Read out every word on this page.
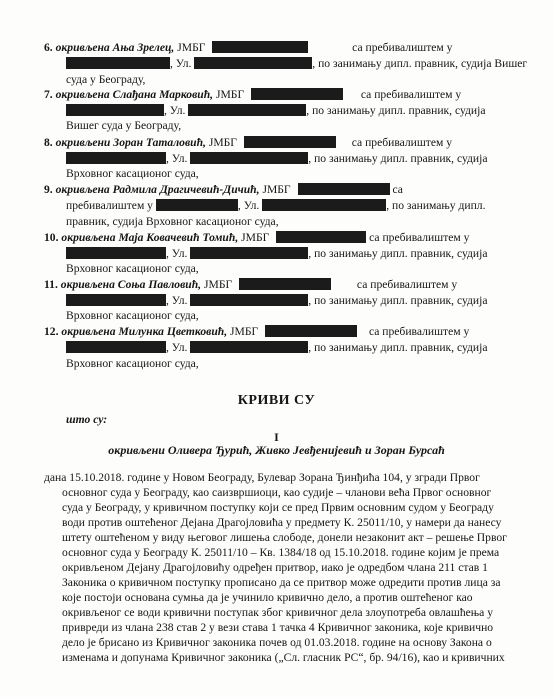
6. окривљена Ања Зрелец, ЈМБГ	са пребивалиштем у
, Ул.	, по занимању дипл. правник, судија Вишег
суда у Београду,
7. окривљена Слађана Марковић, ЈМБГ	са пребивалиштем у
, Ул.	, по занимању дипл. правник, судија
Вишег суда у Београду,
8. окривљени Зоран Таталовић, ЈМБГ	са пребивалиштем у
, Ул.	, по занимању дипл. правник, судија
Врховног касационог суда,
9. окривљена Радмила Драгичевић-Дичић, ЈМБГ	са
пребивалиштем у	, Ул.	, по занимању дипл.
правник, судија Врховног касационог суда,
10. окривљена Маја Ковачевић Томић, ЈМБГ	са пребивалиштем у
, Ул.	, по занимању дипл. правник, судија
Врховног касационог суда,
11. окривљена Соња Павловић, ЈМБГ	са пребивалиштем у
, Ул.	, по занимању дипл. правник, судија
Врховног касационог суда,
12. окривљена Милунка Цветковић, ЈМБГ	са пребивалиштем у
, Ул.	, по занимању дипл. правник, судија
Врховног касационог суда,
КРИВИ СУ
што су:
I
окривљени Оливера Ђурић, Живко Јевђенијевић и Зоран Бурсаћ
дана 15.10.2018. године у Новом Београду, Булевар Зорана Ђинђића 104, у згради Првог
основног суда у Београду, као саизвршиоци, као судије – чланови већа Првог основног
суда у Београду, у кривичном поступку који се пред Првим основним судом у Београду
води против оштећеног Дејана Драгојловића у предмету К. 25011/10, у намери да нанесу
штету оштећеном у виду његовог лишења слободе, донели незаконит акт – решење Првог
основног суда у Београду К. 25011/10 – Кв. 1384/18 од 15.10.2018. године којим је према
окривљеном Дејану Драгојловићу одређен притвор, иако је одредбом члана 211 став 1
Законика о кривичном поступку прописано да се притвор може одредити против лица за
које постоји основана сумња да је учинило кривично дело, а против оштећеног као
окривљеног се води кривични поступак због кривичног дела злоупотреба овлашћења у
привреди из члана 238 став 2 у вези става 1 тачка 4 Кривичног законика, које кривично
дело је брисано из Кривичног законика почев од 01.03.2018. године на основу Закона о
изменама и допунама Кривичног законика („Сл. гласник РС“, бр. 94/16), као и кривичних
